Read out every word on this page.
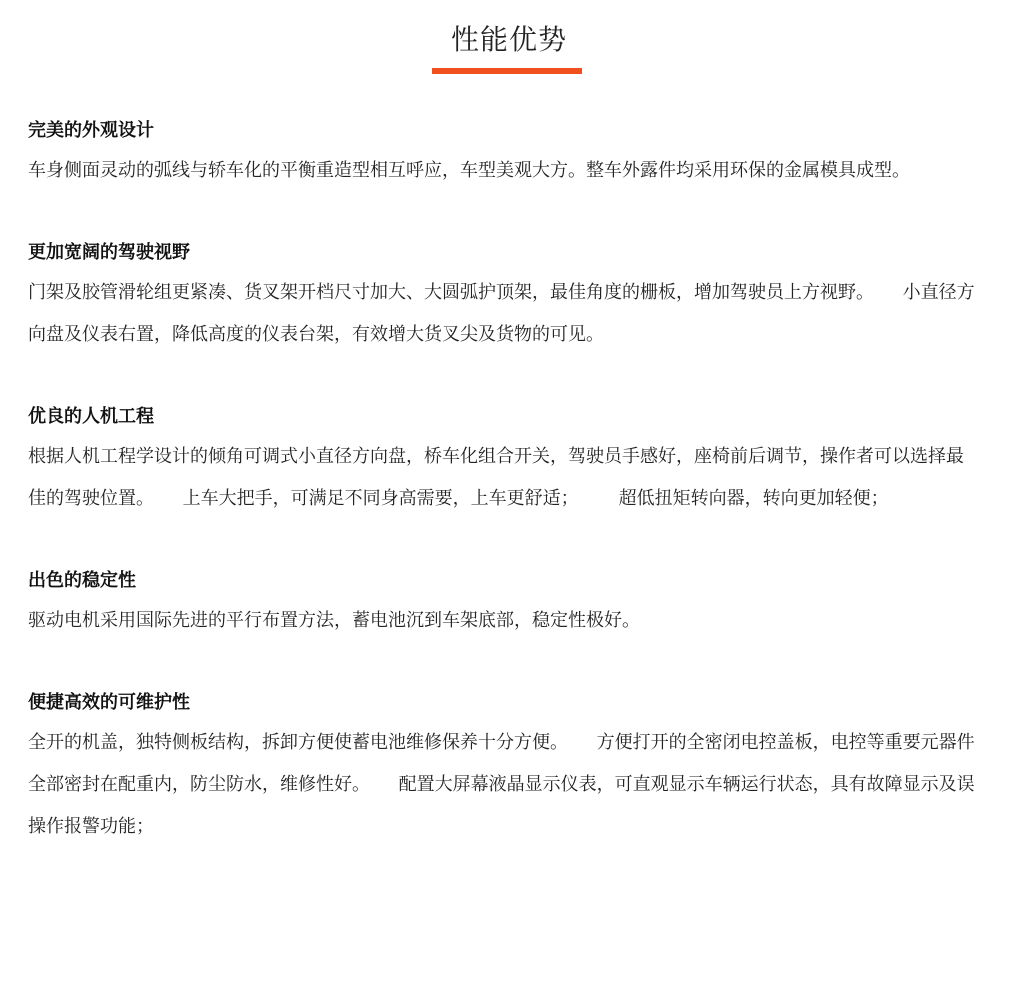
性能优势

完美的外观设计

车身侧面灵动的弧线与轿车化的平衡重造型相互呼应，车型美观大方。整车外露件均采用环保的金属模具成型。

更加宽阔的驾驶视野

门架及胶管滑轮组更紧凑、货叉架开档尺寸加大、大圆弧护顶架，最佳角度的栅板，增加驾驶员上方视野。     小直径方向盘及仪表右置，降低高度的仪表台架，有效增大货叉尖及货物的可见。

优良的人机工程

根据人机工程学设计的倾角可调式小直径方向盘，桥车化组合开关，驾驶员手感好，座椅前后调节，操作者可以选择最佳的驾驶位置。     上车大把手，可满足不同身高需要，上车更舒适；       超低扭矩转向器，转向更加轻便；

出色的稳定性

驱动电机采用国际先进的平行布置方法，蓄电池沉到车架底部，稳定性极好。

便捷高效的可维护性

全开的机盖，独特侧板结构，拆卸方便使蓄电池维修保养十分方便。     方便打开的全密闭电控盖板，电控等重要元器件全部密封在配重内，防尘防水，维修性好。     配置大屏幕液晶显示仪表，可直观显示车辆运行状态，具有故障显示及误操作报警功能；
